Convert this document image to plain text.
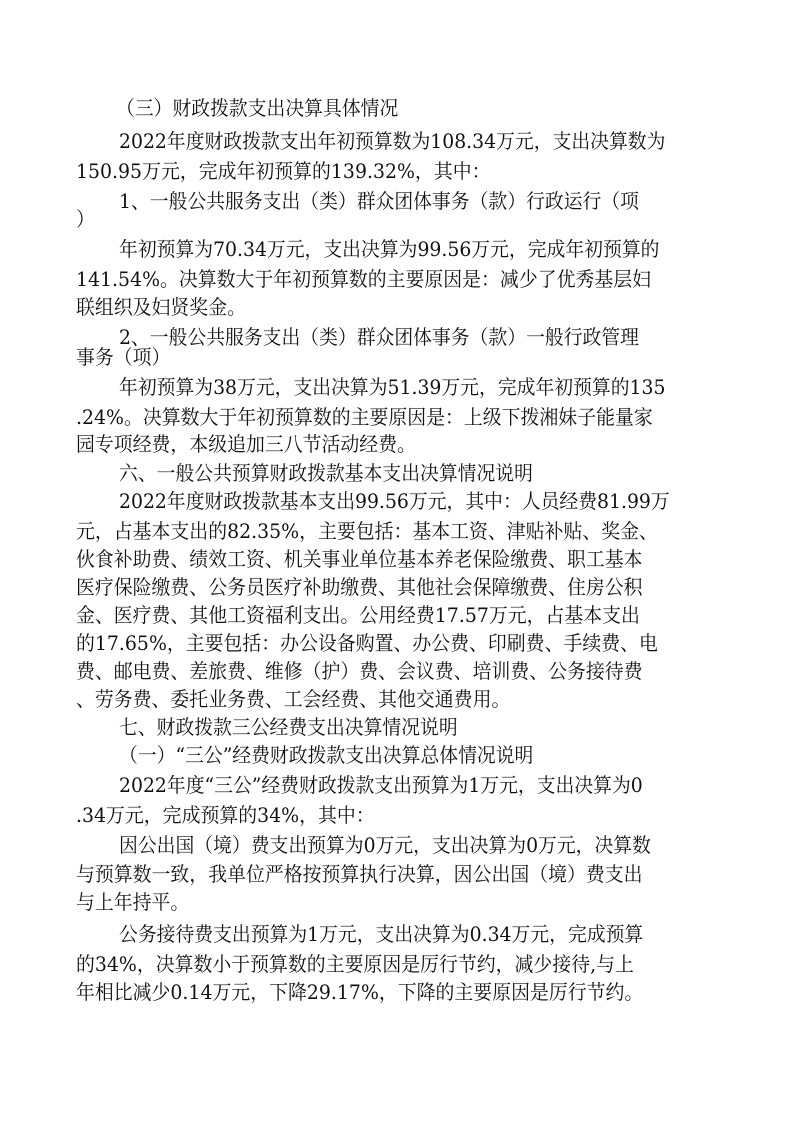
（三）财政拨款支出决算具体情况
2022年度财政拨款支出年初预算数为108.34万元，支出决算数为
150.95万元，完成年初预算的139.32%，其中：
1、一般公共服务支出（类）群众团体事务（款）行政运行（项
）
年初预算为70.34万元，支出决算为99.56万元，完成年初预算的
141.54%。决算数大于年初预算数的主要原因是：减少了优秀基层妇
联组织及妇贤奖金。
2、一般公共服务支出（类）群众团体事务（款）一般行政管理
事务（项）
年初预算为38万元，支出决算为51.39万元，完成年初预算的135
.24%。决算数大于年初预算数的主要原因是：上级下拨湘妹子能量家
园专项经费，本级追加三八节活动经费。
六、一般公共预算财政拨款基本支出决算情况说明
2022年度财政拨款基本支出99.56万元，其中：人员经费81.99万
元，占基本支出的82.35%，主要包括：基本工资、津贴补贴、奖金、
伙食补助费、绩效工资、机关事业单位基本养老保险缴费、职工基本
医疗保险缴费、公务员医疗补助缴费、其他社会保障缴费、住房公积
金、医疗费、其他工资福利支出。公用经费17.57万元，占基本支出
的17.65%，主要包括：办公设备购置、办公费、印刷费、手续费、电
费、邮电费、差旅费、维修（护）费、会议费、培训费、公务接待费
、劳务费、委托业务费、工会经费、其他交通费用。
七、财政拨款三公经费支出决算情况说明
（一）“三公”经费财政拨款支出决算总体情况说明
2022年度“三公”经费财政拨款支出预算为1万元，支出决算为0
.34万元，完成预算的34%，其中：
因公出国（境）费支出预算为0万元，支出决算为0万元，决算数
与预算数一致，我单位严格按预算执行决算，因公出国（境）费支出
与上年持平。
公务接待费支出预算为1万元，支出决算为0.34万元，完成预算
的34%，决算数小于预算数的主要原因是厉行节约，减少接待,与上
年相比减少0.14万元，下降29.17%，下降的主要原因是厉行节约。
